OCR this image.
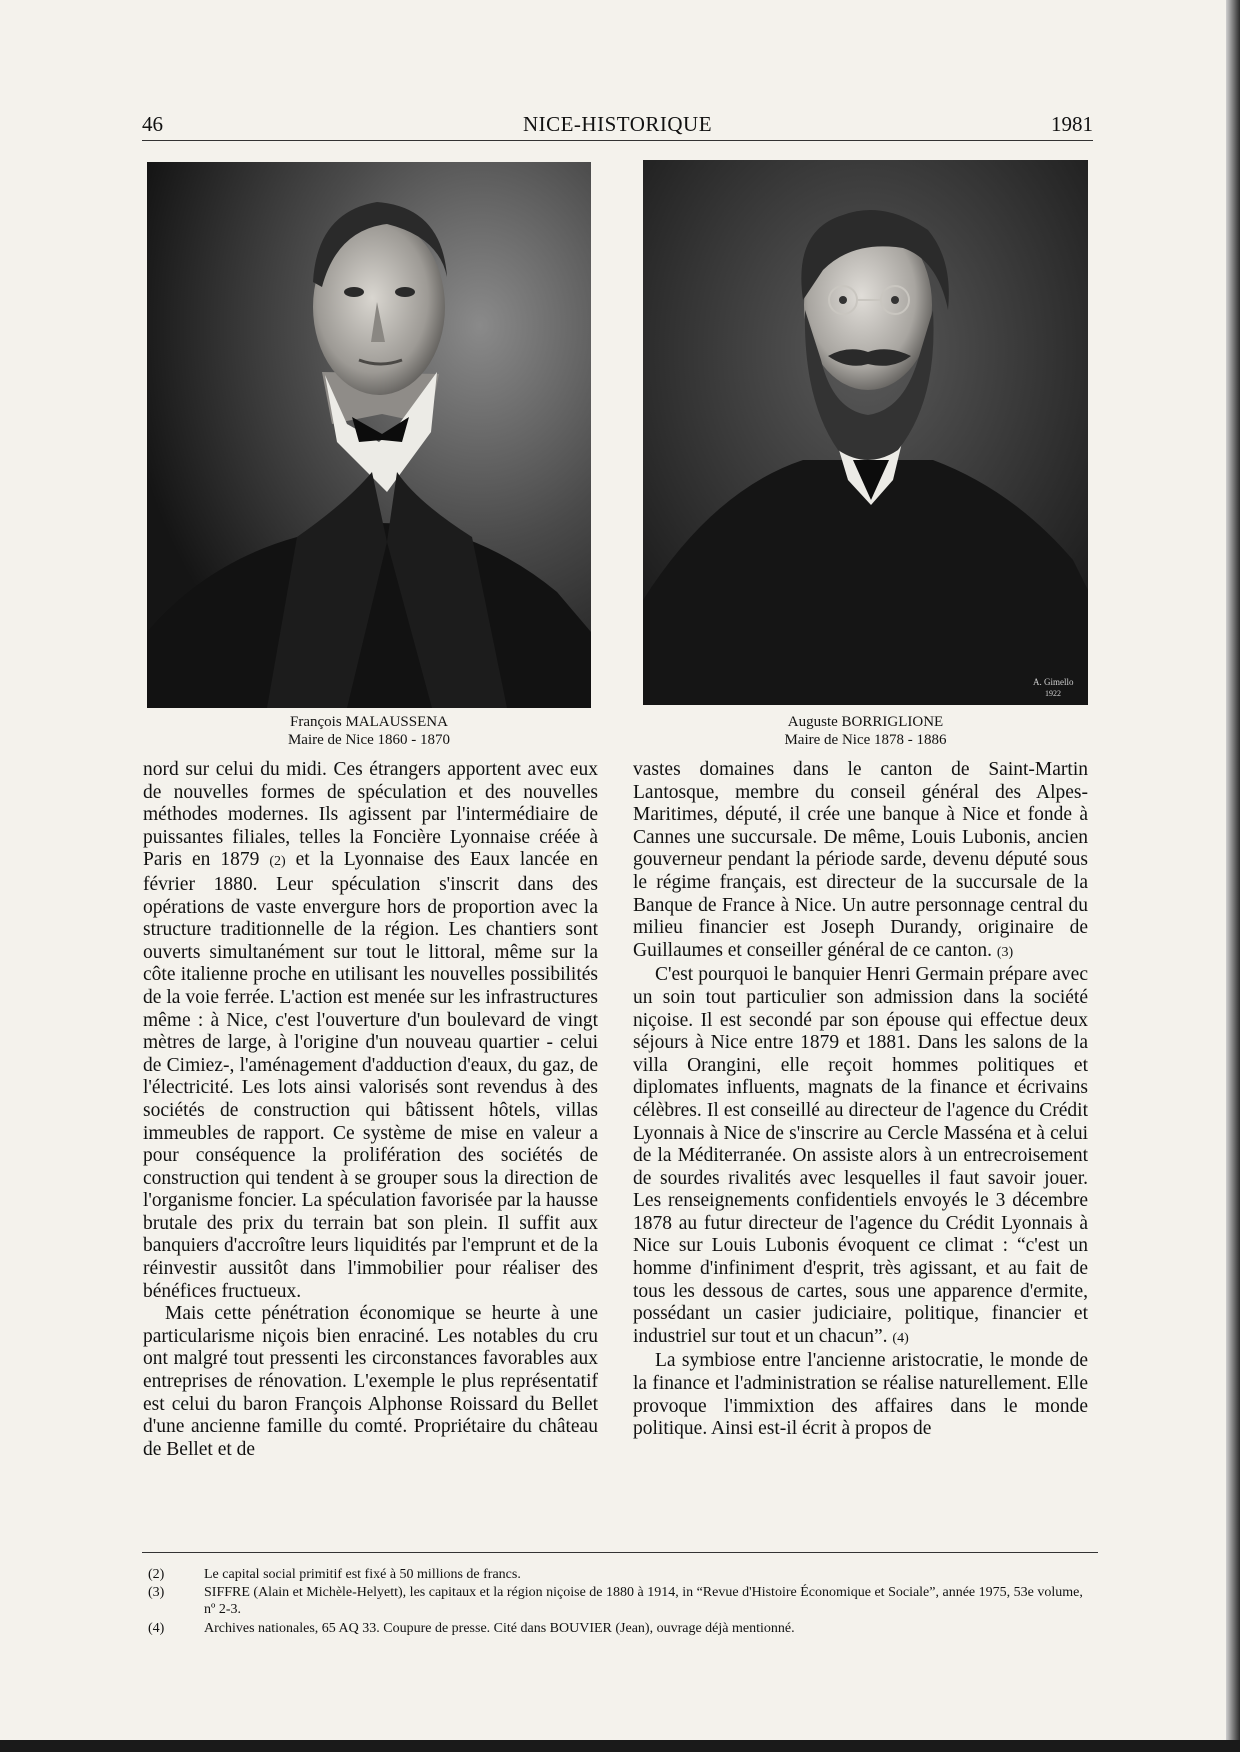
46	NICE-HISTORIQUE	1981
A. Gimello
1922
François MALAUSSENA
Maire de Nice 1860 - 1870
Auguste BORRIGLIONE
Maire de Nice 1878 - 1886

nord sur celui du midi. Ces étrangers apportent avec eux de nouvelles formes de spéculation et des nouvelles méthodes modernes. Ils agissent par l'intermédiaire de puissantes filiales, telles la Foncière Lyonnaise créée à Paris en 1879 (2) et la Lyonnaise des Eaux lancée en février 1880. Leur spéculation s'inscrit dans des opérations de vaste envergure hors de proportion avec la structure traditionnelle de la région. Les chantiers sont ouverts simultanément sur tout le littoral, même sur la côte italienne proche en utilisant les nouvelles possibilités de la voie ferrée. L'action est menée sur les infrastructures même : à Nice, c'est l'ouverture d'un boulevard de vingt mètres de large, à l'origine d'un nouveau quartier - celui de Cimiez-, l'aménagement d'adduction d'eaux, du gaz, de l'électricité. Les lots ainsi valorisés sont revendus à des sociétés de construction qui bâtissent hôtels, villas immeubles de rapport. Ce système de mise en valeur a pour conséquence la prolifération des sociétés de construction qui tendent à se grouper sous la direction de l'organisme foncier. La spéculation favorisée par la hausse brutale des prix du terrain bat son plein. Il suffit aux banquiers d'accroître leurs liquidités par l'emprunt et de la réinvestir aussitôt dans l'immobilier pour réaliser des bénéfices fructueux.

Mais cette pénétration économique se heurte à une particularisme niçois bien enraciné. Les notables du cru ont malgré tout pressenti les circonstances favorables aux entreprises de rénovation. L'exemple le plus représentatif est celui du baron François Alphonse Roissard du Bellet d'une ancienne famille du comté. Propriétaire du château de Bellet et de

vastes domaines dans le canton de Saint-Martin Lantosque, membre du conseil général des Alpes-Maritimes, député, il crée une banque à Nice et fonde à Cannes une succursale. De même, Louis Lubonis, ancien gouverneur pendant la période sarde, devenu député sous le régime français, est directeur de la succursale de la Banque de France à Nice. Un autre personnage central du milieu financier est Joseph Durandy, originaire de Guillaumes et conseiller général de ce canton. (3)

C'est pourquoi le banquier Henri Germain prépare avec un soin tout particulier son admission dans la société niçoise. Il est secondé par son épouse qui effectue deux séjours à Nice entre 1879 et 1881. Dans les salons de la villa Orangini, elle reçoit hommes politiques et diplomates influents, magnats de la finance et écrivains célèbres. Il est conseillé au directeur de l'agence du Crédit Lyonnais à Nice de s'inscrire au Cercle Masséna et à celui de la Méditerranée. On assiste alors à un entrecroisement de sourdes rivalités avec lesquelles il faut savoir jouer. Les renseignements confidentiels envoyés le 3 décembre 1878 au futur directeur de l'agence du Crédit Lyonnais à Nice sur Louis Lubonis évoquent ce climat : “c'est un homme d'infiniment d'esprit, très agissant, et au fait de tous les dessous de cartes, sous une apparence d'ermite, possédant un casier judiciaire, politique, financier et industriel sur tout et un chacun”. (4)

La symbiose entre l'ancienne aristocratie, le monde de la finance et l'administration se réalise naturellement. Elle provoque l'immixtion des affaires dans le monde politique. Ainsi est-il écrit à propos de

(2)	Le capital social primitif est fixé à 50 millions de francs.
(3)	SIFFRE (Alain et Michèle-Helyett), les capitaux et la région niçoise de 1880 à 1914, in “Revue d'Histoire Économique et Sociale”, année 1975, 53e volume, nº 2-3.
(4)	Archives nationales, 65 AQ 33. Coupure de presse. Cité dans BOUVIER (Jean), ouvrage déjà mentionné.
